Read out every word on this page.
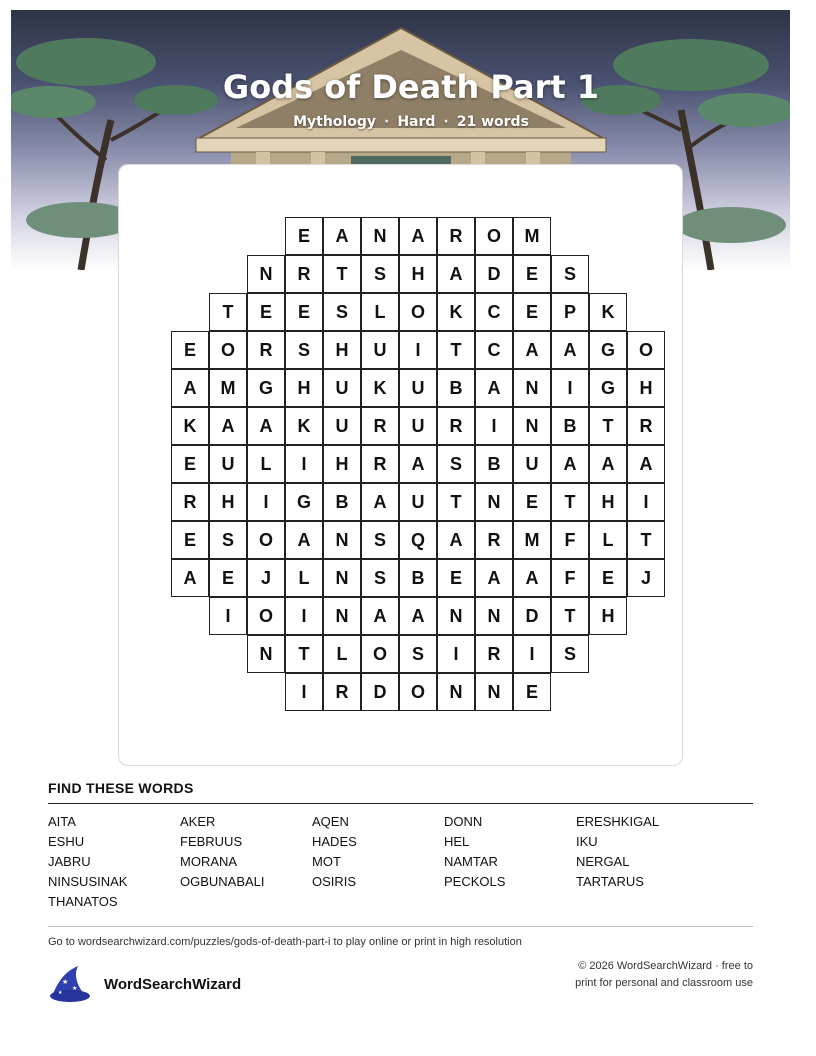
Gods of Death Part 1
Mythology · Hard · 21 words
E	A	N	A	R	O	M
N	R	T	S	H	A	D	E	S
T	E	E	S	L	O	K	C	E	P	K
E	O	R	S	H	U	I	T	C	A	A	G	O
A	M	G	H	U	K	U	B	A	N	I	G	H
K	A	A	K	U	R	U	R	I	N	B	T	R
E	U	L	I	H	R	A	S	B	U	A	A	A
R	H	I	G	B	A	U	T	N	E	T	H	I
E	S	O	A	N	S	Q	A	R	M	F	L	T
A	E	J	L	N	S	B	E	A	A	F	E	J
I	O	I	N	A	A	N	N	D	T	H
N	T	L	O	S	I	R	I	S
I	R	D	O	N	N	E
FIND THESE WORDS
AITA	AKER	AQEN	DONN	ERESHKIGAL
ESHU	FEBRUUS	HADES	HEL	IKU
JABRU	MORANA	MOT	NAMTAR	NERGAL
NINSUSINAK	OGBUNABALI	OSIRIS	PECKOLS	TARTARUS
THANATOS
Go to wordsearchwizard.com/puzzles/gods-of-death-part-i to play online or print in high resolution
★
★
★
WordSearchWizard
© 2026 WordSearchWizard · free to print for personal and classroom use
